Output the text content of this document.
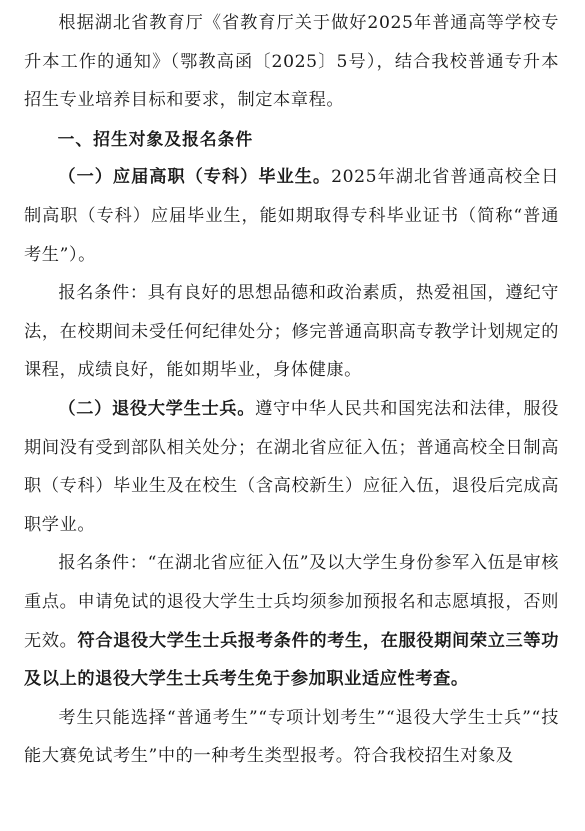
根据湖北省教育厅《省教育厅关于做好2025年普通高等学校专升本工作的通知》（鄂教高函〔2025〕5号），结合我校普通专升本招生专业培养目标和要求，制定本章程。

一、招生对象及报名条件

（一）应届高职（专科）毕业生。2025年湖北省普通高校全日制高职（专科）应届毕业生，能如期取得专科毕业证书（简称“普通考生”）。

报名条件：具有良好的思想品德和政治素质，热爱祖国，遵纪守法，在校期间未受任何纪律处分；修完普通高职高专教学计划规定的课程，成绩良好，能如期毕业，身体健康。

（二）退役大学生士兵。遵守中华人民共和国宪法和法律，服役期间没有受到部队相关处分；在湖北省应征入伍；普通高校全日制高职（专科）毕业生及在校生（含高校新生）应征入伍，退役后完成高职学业。

报名条件：“在湖北省应征入伍”及以大学生身份参军入伍是审核重点。申请免试的退役大学生士兵均须参加预报名和志愿填报，否则无效。符合退役大学生士兵报考条件的考生，在服役期间荣立三等功及以上的退役大学生士兵考生免于参加职业适应性考查。

考生只能选择“普通考生”“专项计划考生”“退役大学生士兵”“技能大赛免试考生”中的一种考生类型报考。符合我校招生对象及
